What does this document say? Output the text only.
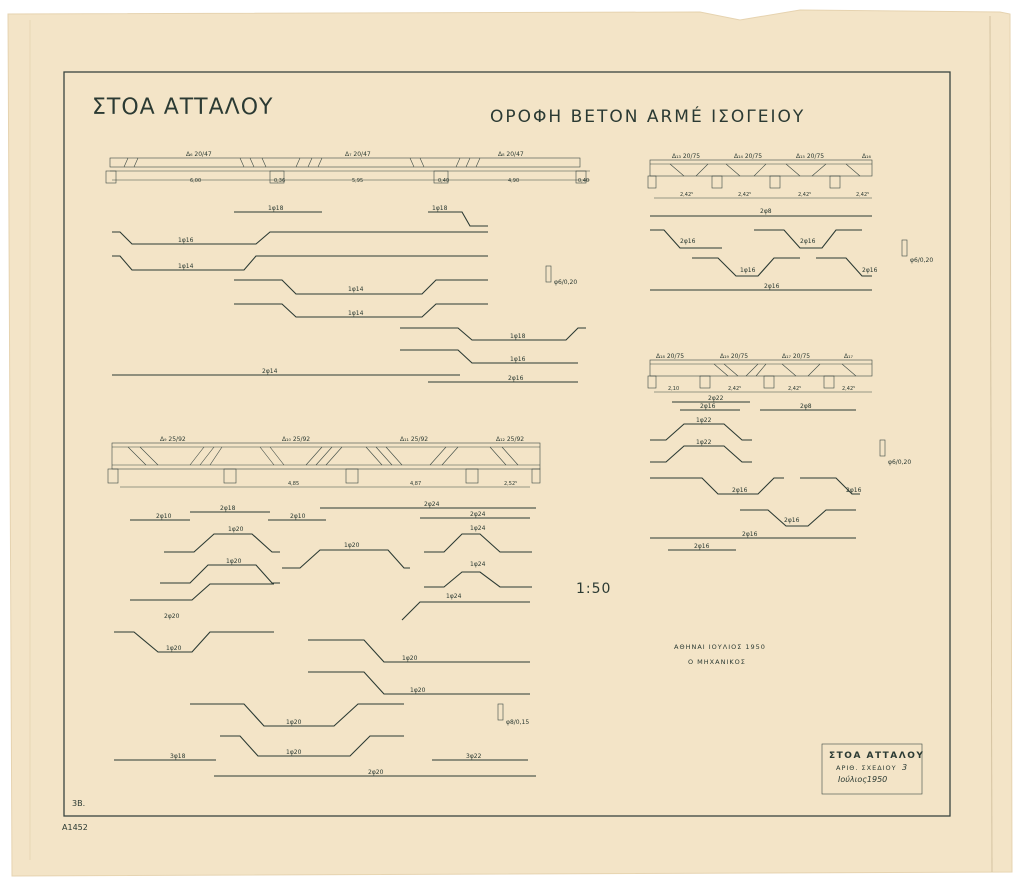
ΣΤΟΑ ΑΤΤΑΛΟΥ	ΟΡΟΦΗ ΒΕΤΟΝ ΑRΜÉ ΙΣΟΓΕΙΟΥ
Δ₆ 20/47	Δ₇ 20/47	Δ₈ 20/47
6,00	0,36	5,95	0,40	4,90	0,40
1φ18	1φ18
1φ16
1φ14
1φ14
1φ14
1φ18
1φ16
2φ14
2φ16
φ6/0,20
Δ₉ 25/92	Δ₁₀ 25/92	Δ₁₁ 25/92	Δ₁₂ 25/92
4,85	4,87	2,52⁵
2φ18
2φ10	2φ10
2φ24
2φ24
1φ20	1φ24
1φ20
1φ20	1φ24
1φ24
2φ20
1φ20
1φ20
1φ20
1φ20
1φ20
3φ18	3φ22
2φ20
φ8/0,15
Δ₁₃ 20/75	Δ₁₄ 20/75	Δ₁₅ 20/75	Δ₁₆
2,42⁵	2,42⁵	2,42⁵	2,42⁵
2φ8
2φ16	2φ16
1φ16	2φ16
2φ16
φ6/0,20
Δ₁₈ 20/75	Δ₁₉ 20/75	Δ₁₇ 20/75	Δ₁₇
2,10	2,42⁵	2,42⁵	2,42⁵
2φ22
2φ16	2φ8
1φ22
1φ22
2φ16	2φ16
2φ16
2φ16
2φ16
φ6/0,20
1:50
ΑΘΗΝΑΙ ΙΟΥΛΙΟΣ 1950
Ο ΜΗΧΑΝΙΚΟΣ
ΣΤΟΑ ΑΤΤΑΛΟΥ
ΑΡΙΘ. ΣΧΕΔΙΟΥ 3
Ιούλιος1950
3Β.
Α1452
